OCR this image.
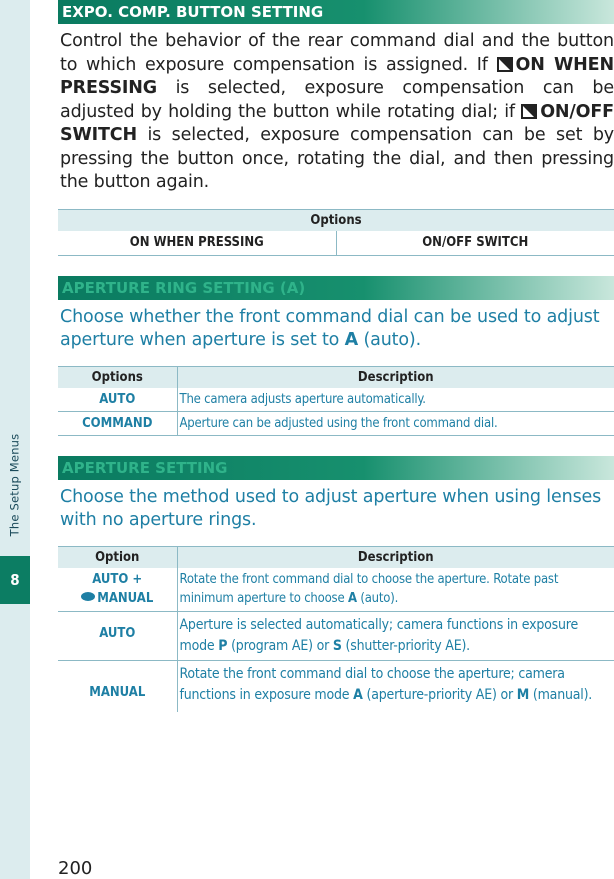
The Setup Menus
8
EXPO. COMP. BUTTON SETTING

Control the behavior of the rear command dial and the button to which exposure compensation is assigned. If ON WHEN PRESSING is selected, exposure compensation can be adjusted by holding the button while rotating dial; if ON/OFF SWITCH is selected, exposure compensation can be set by pressing the button once, rotating the dial, and then pressing the button again.

Options
ON WHEN PRESSING	ON/OFF SWITCH
APERTURE RING SETTING (A)

Choose whether the front command dial can be used to adjust aperture when aperture is set to A (auto).

Options	Description
AUTO	The camera adjusts aperture automatically.
COMMAND	Aperture can be adjusted using the front command dial.
APERTURE SETTING

Choose the method used to adjust aperture when using lenses with no aperture rings.

Option	Description

AUTO +
MANUAL	Rotate the front command dial to choose the aperture. Rotate past minimum aperture to choose A (auto).
AUTO	Aperture is selected automatically; camera functions in exposure mode P (program AE) or S (shutter-priority AE).
MANUAL	Rotate the front command dial to choose the aperture; camera functions in exposure mode A (aperture-priority AE) or M (manual).
200
